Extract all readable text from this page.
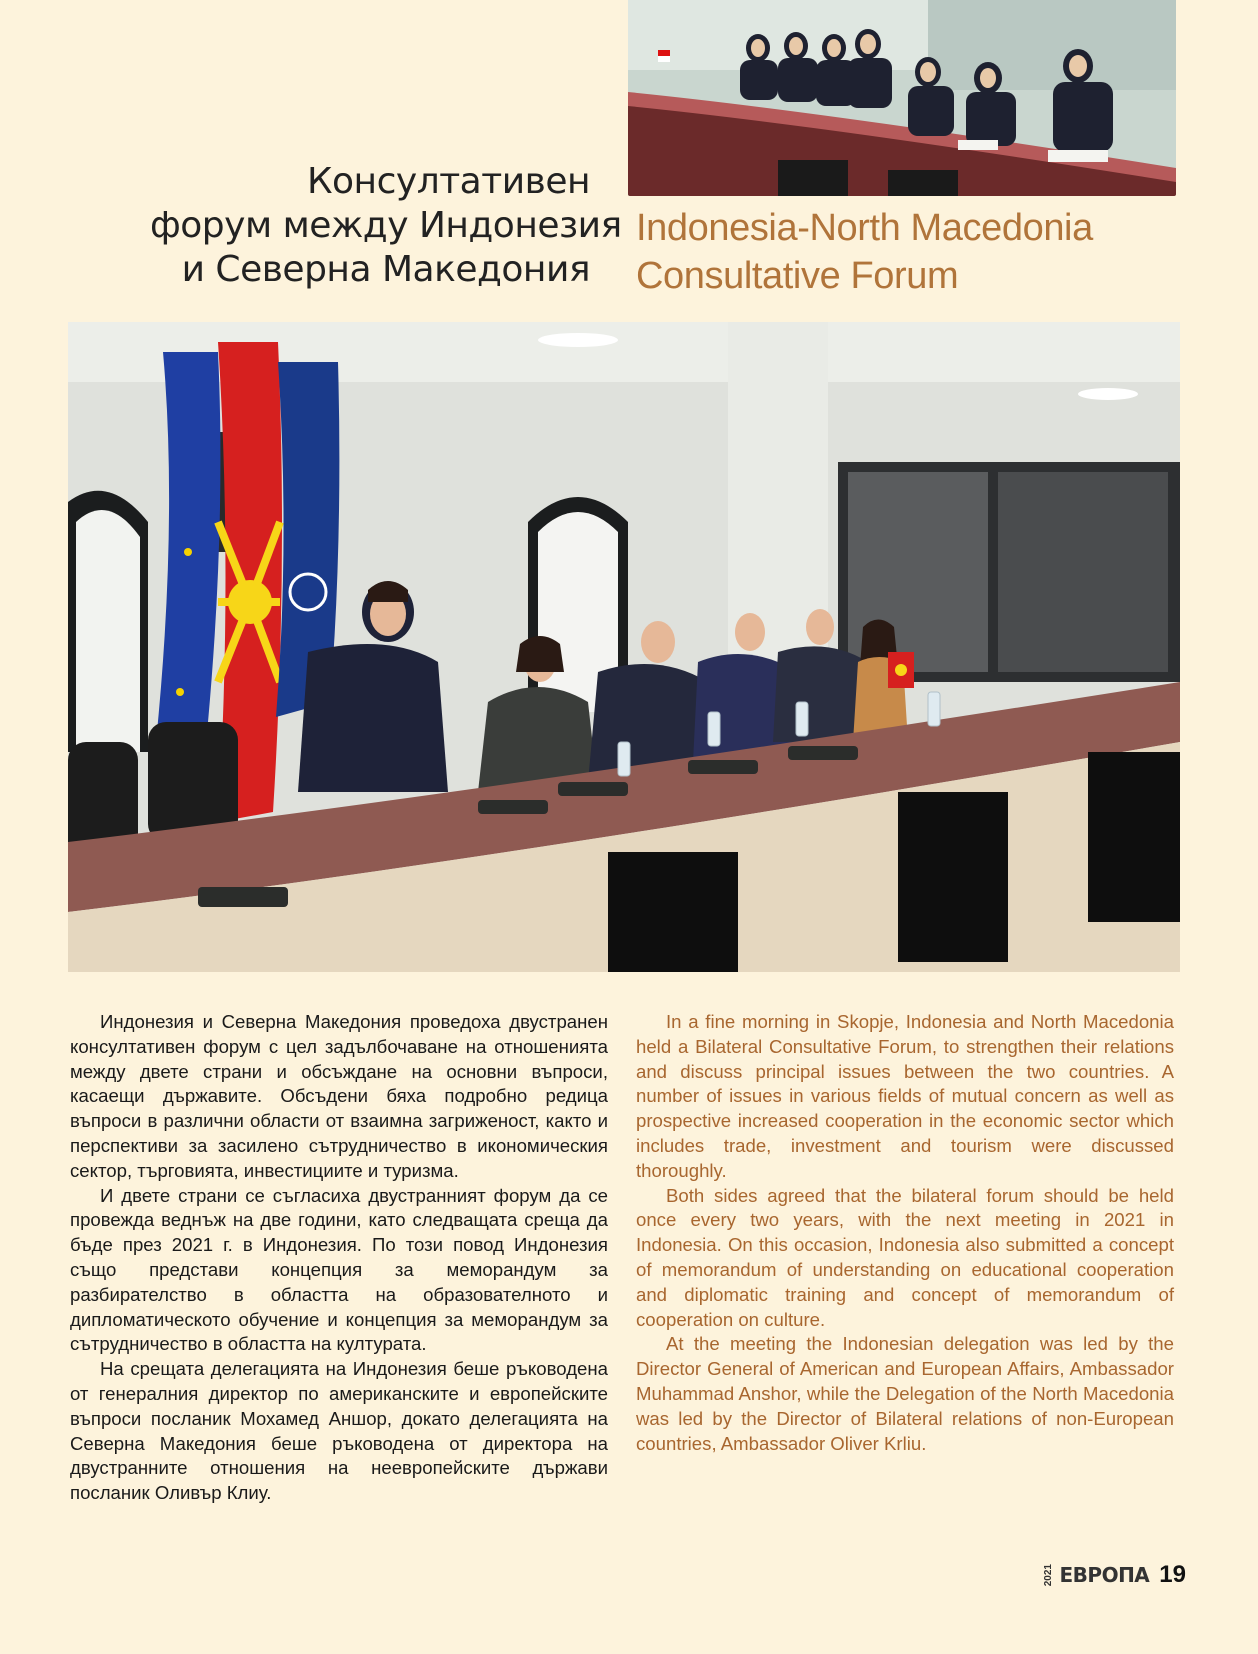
Консултативен
форум между Индонезия
и Северна Македония
Indonesia-North Macedonia
Consultative Forum

Индонезия и Северна Македония проведоха двустранен консултативен форум с цел задълбочаване на отношенията между двете страни и обсъждане на основни въпроси, касаещи държавите. Обсъдени бяха подробно редица въпроси в различни области от взаимна загриженост, както и перспективи за засилено сътрудничество в икономическия сектор, търговията, инвестициите и туризма.

И двете страни се съгласиха двустранният форум да се провежда веднъж на две години, като следващата среща да бъде през 2021 г. в Индонезия. По този повод Индонезия също представи концепция за меморандум за разбирателство в областта на образователното и дипломатическото обучение и концепция за меморандум за сътрудничество в областта на културата.

На срещата делегацията на Индонезия беше ръководена от генералния директор по американските и европейските въпроси посланик Мохамед Аншор, докато делегацията на Северна Македония беше ръководена от директора на двустранните отношения на неевропейските държави посланик Оливър Клиу.

In a fine morning in Skopje, Indonesia and North Macedonia held a Bilateral Consultative Forum, to strengthen their relations and discuss principal issues between the two countries. A number of issues in various fields of mutual concern as well as prospective increased cooperation in the economic sector which includes trade, investment and tourism were discussed thoroughly.

Both sides agreed that the bilateral forum should be held once every two years, with the next meeting in 2021 in Indonesia. On this occasion, Indonesia also submitted a concept of memorandum of understanding on educational cooperation and diplomatic training and concept of memorandum of cooperation on culture.

At the meeting the Indonesian delegation was led by the Director General of American and European Affairs, Ambassador Muhammad Anshor, while the Delegation of the North Macedonia was led by the Director of Bilateral relations of non-European countries, Ambassador Oliver Krliu.

2021 ЕВРОПА 19
